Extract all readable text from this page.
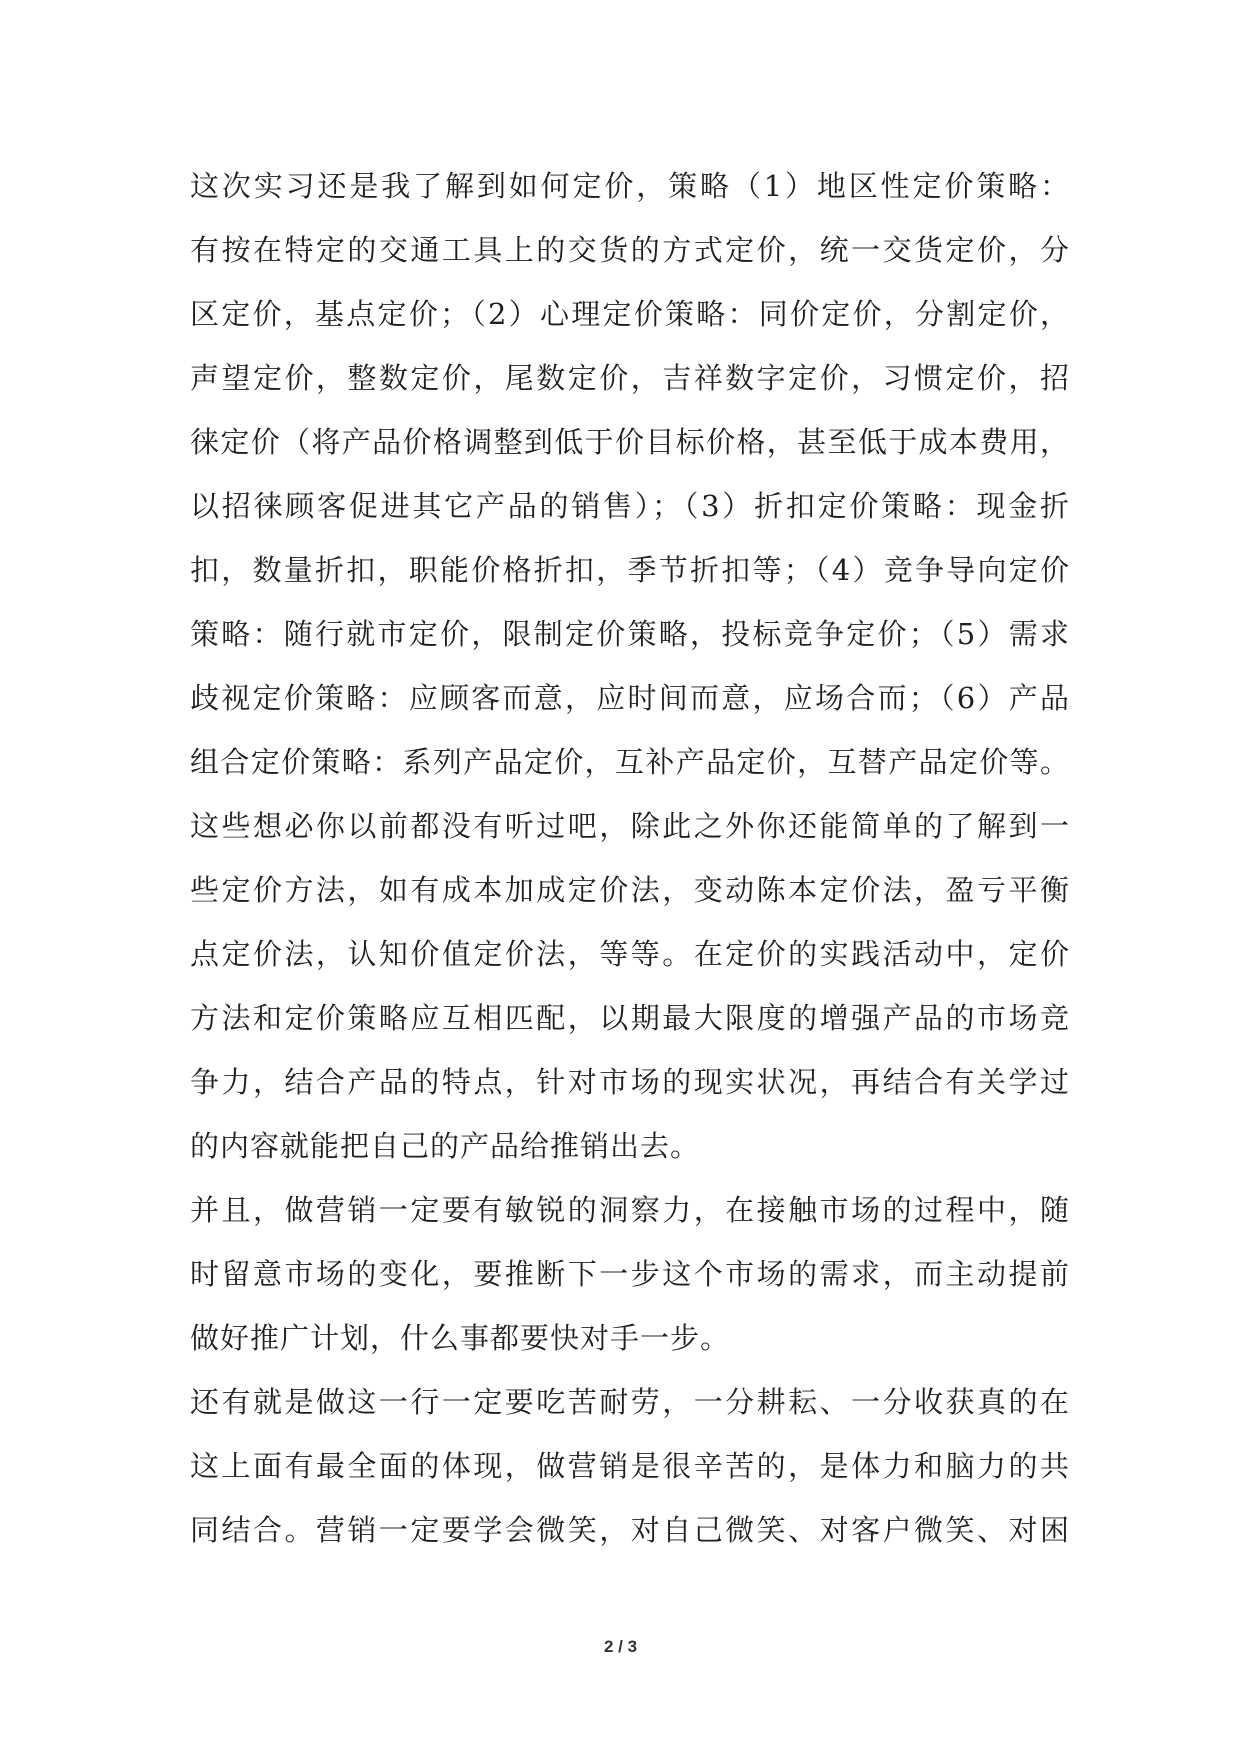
这次实习还是我了解到如何定价，策略（1）地区性定价策略：
有按在特定的交通工具上的交货的方式定价，统一交货定价，分
区定价，基点定价；（2）心理定价策略：同价定价，分割定价，
声望定价，整数定价，尾数定价，吉祥数字定价，习惯定价，招
徕定价（将产品价格调整到低于价目标价格，甚至低于成本费用，
以招徕顾客促进其它产品的销售）；（3）折扣定价策略：现金折
扣，数量折扣，职能价格折扣，季节折扣等；（4）竞争导向定价
策略：随行就市定价，限制定价策略，投标竞争定价；（5）需求
歧视定价策略：应顾客而意，应时间而意，应场合而；（6）产品
组合定价策略：系列产品定价，互补产品定价，互替产品定价等。
这些想必你以前都没有听过吧，除此之外你还能简单的了解到一
些定价方法，如有成本加成定价法，变动陈本定价法，盈亏平衡
点定价法，认知价值定价法，等等。在定价的实践活动中，定价
方法和定价策略应互相匹配，以期最大限度的增强产品的市场竞
争力，结合产品的特点，针对市场的现实状况，再结合有关学过
的内容就能把自己的产品给推销出去。
并且，做营销一定要有敏锐的洞察力，在接触市场的过程中，随
时留意市场的变化，要推断下一步这个市场的需求，而主动提前
做好推广计划，什么事都要快对手一步。
还有就是做这一行一定要吃苦耐劳，一分耕耘、一分收获真的在
这上面有最全面的体现，做营销是很辛苦的，是体力和脑力的共
同结合。营销一定要学会微笑，对自己微笑、对客户微笑、对困
2 / 3
